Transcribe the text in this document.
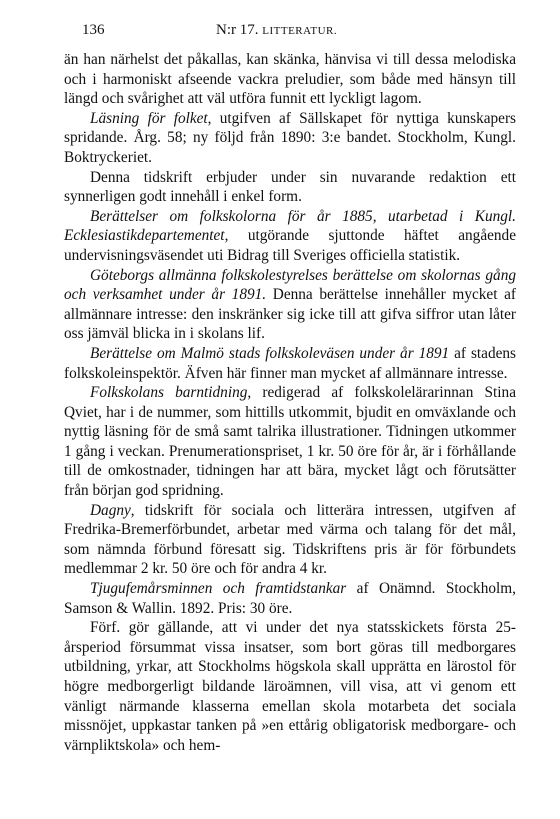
136	N:r 17. LITTERATUR.

än han närhelst det påkallas, kan skänka, hänvisa vi till dessa melodiska och i harmoniskt afseende vackra preludier, som både med hänsyn till längd och svårighet att väl utföra funnit ett lyckligt lagom.

Läsning för folket, utgifven af Sällskapet för nyttiga kunskapers spridande. Årg. 58; ny följd från 1890: 3:e bandet. Stockholm, Kungl. Boktryckeriet.

Denna tidskrift erbjuder under sin nuvarande redaktion ett synnerligen godt innehåll i enkel form.

Berättelser om folkskolorna för år 1885, utarbetad i Kungl. Ecklesiastikdepartementet, utgörande sjuttonde häftet angående undervisningsväsendet uti Bidrag till Sveriges officiella statistik.

Göteborgs allmänna folkskolestyrelses berättelse om skolornas gång och verksamhet under år 1891. Denna berättelse innehåller mycket af allmännare intresse: den inskränker sig icke till att gifva siffror utan låter oss jämväl blicka in i skolans lif.

Berättelse om Malmö stads folkskoleväsen under år 1891 af stadens folkskoleinspektör. Äfven här finner man mycket af allmännare intresse.

Folkskolans barntidning, redigerad af folkskolelärarinnan Stina Qviet, har i de nummer, som hittills utkommit, bjudit en omväxlande och nyttig läsning för de små samt talrika illustrationer. Tidningen utkommer 1 gång i veckan. Prenumerationspriset, 1 kr. 50 öre för år, är i förhållande till de omkostnader, tidningen har att bära, mycket lågt och förutsätter från början god spridning.

Dagny, tidskrift för sociala och litterära intressen, utgifven af Fredrika-Bremerförbundet, arbetar med värma och talang för det mål, som nämnda förbund föresatt sig. Tidskriftens pris är för förbundets medlemmar 2 kr. 50 öre och för andra 4 kr.

Tjugufemårsminnen och framtidstankar af Onämnd. Stockholm, Samson & Wallin. 1892. Pris: 30 öre.

Förf. gör gällande, att vi under det nya statsskickets första 25-årsperiod försummat vissa insatser, som bort göras till medborgares utbildning, yrkar, att Stockholms högskola skall upprätta en lärostol för högre medborgerligt bildande läroämnen, vill visa, att vi genom ett vänligt närmande klasserna emellan skola motarbeta det sociala missnöjet, uppkastar tanken på »en ettårig obligatorisk medborgare- och värnpliktskola» och hem-
